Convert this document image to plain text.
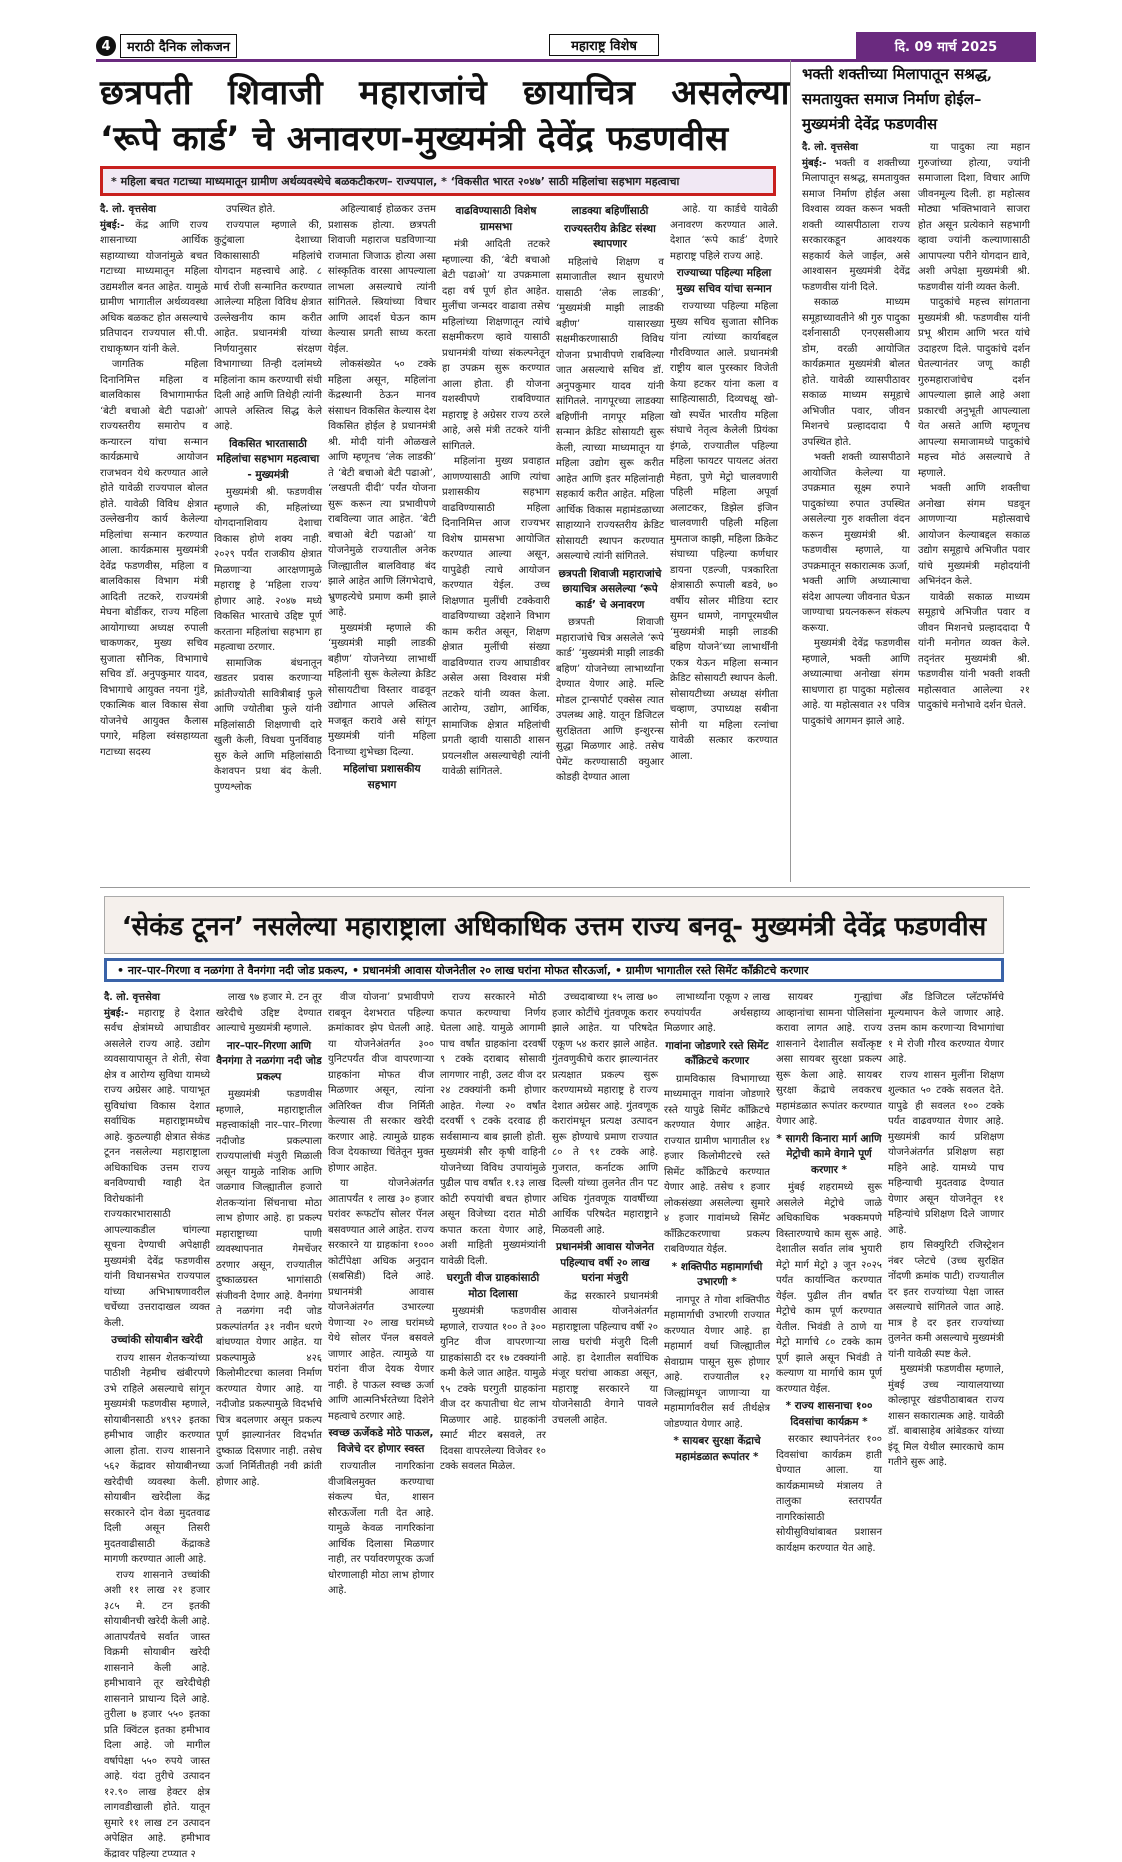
4	मराठी दैनिक लोकजन	महाराष्ट्र विशेष	दि. 09 मार्च 2025
छत्रपती शिवाजी महाराजांचे छायाचित्र असलेल्या
‘रूपे कार्ड’ चे अनावरण-मुख्यमंत्री देवेंद्र फडणवीस
भक्ती शक्तीच्या मिलापातून सश्रद्ध, समतायुक्त समाज निर्माण होईल– मुख्यमंत्री देवेंद्र फडणवीस
* महिला बचत गटाच्या माध्यमातून ग्रामीण अर्थव्यवस्थेचे बळकटीकरण– राज्यपाल, * ‘विकसीत भारत २०४७’ साठी महिलांचा सहभाग महत्वाचा

दै. लो. वृत्तसेवा

मुंबई:- केंद्र आणि राज्य शासनाच्या आर्थिक सहाय्याच्या योजनांमुळे बचत गटाच्या माध्यमातून महिला उद्यमशील बनत आहेत. यामुळे ग्रामीण भागातील अर्थव्यवस्था अधिक बळकट होत असल्याचे प्रतिपादन राज्यपाल सी.पी. राधाकृष्णन यांनी केले.

जागतिक महिला दिनानिमित्त महिला व बालविकास विभागामार्फत ‘बेटी बचाओ बेटी पढाओ’ राज्यस्तरीय समारोप व कन्यारत्न यांचा सन्मान कार्यक्रमाचे आयोजन राजभवन येथे करण्यात आले होते यावेळी राज्यपाल बोलत होते. यावेळी विविध क्षेत्रात उल्लेखनीय कार्य केलेल्या महिलांचा सन्मान करण्यात आला. कार्यक्रमास मुख्यमंत्री देवेंद्र फडणवीस, महिला व बालविकास विभाग मंत्री आदिती तटकरे, राज्यमंत्री मेघना बोर्डीकर, राज्य महिला आयोगाच्या अध्यक्ष रुपाली चाकणकर, मुख्य सचिव सुजाता सौनिक, विभागाचे सचिव डॉ. अनुपकुमार यादव, विभागाचे आयुक्त नयना गुंडे, एकात्मिक बाल विकास सेवा योजनेचे आयुक्त कैलास पगारे, महिला स्वंसहाय्यता गटाच्या सदस्य

उपस्थित होते.

राज्यपाल म्हणाले की, कुटुंबाला देशाच्या विकासासाठी महिलांचे योगदान महत्त्वाचे आहे. ८ मार्च रोजी सन्मानित करण्यात आलेल्या महिला विविध क्षेत्रात उल्लेखनीय काम करीत आहेत. प्रधानमंत्री यांच्या निर्णयानुसार संरक्षण विभागाच्या तिन्ही दलांमध्ये महिलांना काम करण्याची संधी दिली आहे आणि तिथेही त्यांनी आपले अस्तित्व सिद्ध केले आहे.

विकसित भारतासाठी महिलांचा सहभाग महत्वाचा - मुख्यमंत्री

मुख्यमंत्री श्री. फडणवीस म्हणाले की, महिलांच्या योगदानाशिवाय देशाचा विकास होणे शक्य नाही. २०२९ पर्यंत राजकीय क्षेत्रात मिळणाऱ्या आरक्षणामुळे महाराष्ट्र हे ‘महिला राज्य’ होणार आहे. २०४७ मध्ये विकसित भारताचे उद्दिष्ट पूर्ण करताना महिलांचा सहभाग हा महत्वाचा ठरणार.

सामाजिक बंधनातून खडतर प्रवास करणाऱ्या क्रांतीज्योती सावित्रीबाई फुले आणि ज्योतीबा फुले यांनी महिलांसाठी शिक्षणाची दारे खुली केली, विधवा पुनर्विवाह सुरु केले आणि महिलांसाठी केशवपन प्रथा बंद केली. पुण्यश्लोक

अहिल्याबाई होळकर उत्तम प्रशासक होत्या. छत्रपती शिवाजी महाराज घडविणाऱ्या राजमाता जिजाऊ होत्या असा सांस्कृतिक वारसा आपल्याला लाभला असल्याचे त्यांनी सांगितले. स्त्रियांच्या विचार आणि आदर्श घेऊन काम केल्यास प्रगती साध्य करता येईल.

लोकसंख्येत ५० टक्के महिला असून, महिलांना केंद्रस्थानी ठेऊन मानव संसाधन विकसित केल्यास देश विकसित होईल हे प्रधानमंत्री श्री. मोदी यांनी ओळखले आणि म्हणूनच ‘लेक लाडकी’ ते ‘बेटी बचाओ बेटी पढाओ’, ‘लखपती दीदी’ पर्यंत योजना सुरू करून त्या प्रभावीपणे राबविल्या जात आहेत. ‘बेटी बचाओ बेटी पढाओ’ या योजनेमुळे राज्यातील अनेक जिल्ह्यातील बालविवाह बंद झाले आहेत आणि लिंगभेदाचे, भ्रुणहत्येचे प्रमाण कमी झाले आहे.

मुख्यमंत्री म्हणाले की ‘मुख्यमंत्री माझी लाडकी बहीण’ योजनेच्या लाभार्थी महिलांनी सुरू केलेल्या क्रेडिट सोसायटीचा विस्तार वाढवून उद्योगात आपले अस्तित्व मजबूत करावे असे सांगून मुख्यमंत्री यांनी महिला दिनाच्या शुभेच्छा दिल्या.

महिलांचा प्रशासकीय सहभाग
वाढविण्यासाठी विशेष ग्रामसभा

मंत्री आदिती तटकरे म्हणाल्या की, ‘बेटी बचाओ बेटी पढाओ’ या उपक्रमाला दहा वर्ष पूर्ण होत आहेत. मुलींचा जन्मदर वाढावा तसेच महिलांच्या शिक्षणातून त्यांचे सक्षमीकरण व्हावे यासाठी प्रधानमंत्री यांच्या संकल्पनेतून हा उपक्रम सुरू करण्यात आला होता. ही योजना यशस्वीपणे राबविण्यात महाराष्ट्र हे अग्रेसर राज्य ठरले आहे, असे मंत्री तटकरे यांनी सांगितले.

महिलांना मुख्य प्रवाहात आणण्यासाठी आणि त्यांचा प्रशासकीय सहभाग वाढविण्यासाठी महिला दिनानिमित्त आज राज्यभर विशेष ग्रामसभा आयोजित करण्यात आल्या असून, यापुढेही त्याचे आयोजन करण्यात येईल. उच्च शिक्षणात मुलींची टक्केवारी वाढविण्याच्या उद्देशाने विभाग काम करीत असून, शिक्षण क्षेत्रात मुलींची संख्या वाढविण्यात राज्य आघाडीवर असेल असा विश्वास मंत्री तटकरे यांनी व्यक्त केला. आरोग्य, उद्योग, आर्थिक, सामाजिक क्षेत्रात महिलांची प्रगती व्हावी यासाठी शासन प्रयत्नशील असल्याचेही त्यांनी यावेळी सांगितले.

लाडक्या बहिणींसाठी
राज्यस्तरीय क्रेडिट संस्था स्थापणार

महिलांचे शिक्षण व समाजातील स्थान सुधारणे यासाठी ‘लेक लाडकी’, ‘मुख्यमंत्री माझी लाडकी बहीण’ यासारख्या सक्षमीकरणासाठी विविध योजना प्रभावीपणे राबविल्या जात असल्याचे सचिव डॉ. अनुपकुमार यादव यांनी सांगितले. नागपूरच्या लाडक्या बहिणींनी नागपूर महिला सन्मान क्रेडिट सोसायटी सुरू केली, त्याच्या माध्यमातून या महिला उद्योग सुरू करीत आहेत आणि इतर महिलांनाही सहकार्य करीत आहेत. महिला आर्थिक विकास महामंडळाच्या साहाय्याने राज्यस्तरीय क्रेडिट सोसायटी स्थापन करण्यात असल्याचे त्यांनी सांगितले.

छत्रपती शिवाजी महाराजांचे छायाचित्र असलेल्या ‘रूपे कार्ड’ चे अनावरण

छत्रपती शिवाजी महाराजांचे चित्र असलेले ‘रूपे कार्ड’ ‘मुख्यमंत्री माझी लाडकी बहिण’ योजनेच्या लाभार्थ्यांना देण्यात येणार आहे. मल्टि मोडल ट्रान्सपोर्ट एक्सेस त्यात उपलब्ध आहे. यातून डिजिटल सुरक्षितता आणि इन्शुरन्स सुद्धा मिळणार आहे. तसेच पेमेंट करण्यासाठी क्युआर कोडही देण्यात आला

आहे. या कार्डचे यावेळी अनावरण करण्यात आले. देशात ‘रूपे कार्ड’ देणारे महाराष्ट्र पहिले राज्य आहे.

राज्याच्या पहिल्या महिला मुख्य सचिव यांचा सन्मान

राज्याच्या पहिल्या महिला मुख्य सचिव सुजाता सौनिक यांना त्यांच्या कार्याबद्दल गौरविण्यात आले. प्रधानमंत्री राष्ट्रीय बाल पुरस्कार विजेती केया हटकर यांना कला व साहित्यासाठी, दिव्यचक्षू खो-खो स्पर्धेत भारतीय महिला संघाचे नेतृत्व केलेली प्रियंका इंगळे, राज्यातील पहिल्या महिला फायटर पायलट अंतरा मेहता, पुणे मेट्रो चालवणारी पहिली महिला अपूर्वा अलाटकर, डिझेल इंजिन चालवणारी पहिली महिला मुमताज काझी, महिला क्रिकेट संघाच्या पहिल्या कर्णधार डायना एडल्जी, पत्रकारिता क्षेत्रासाठी रूपाली बडवे, ७० वर्षीय सोलर मीडिया स्टार सुमन धामणे, नागपूरमधील ‘मुख्यमंत्री माझी लाडकी बहिण योजने’च्या लाभार्थींनी एकत्र येऊन महिला सन्मान क्रेडिट सोसायटी स्थापन केली. सोसायटीच्या अध्यक्ष संगीता चव्हाण, उपाध्यक्ष सबीना सोनी या महिला रत्नांचा यावेळी सत्कार करण्यात आला.

दै. लो. वृत्तसेवा

मुंबई:- भक्ती व शक्तीच्या मिलापातून सश्रद्ध, समतायुक्त समाज निर्माण होईल असा विश्वास व्यक्त करून भक्ती शक्ती व्यासपीठाला राज्य सरकारकडून आवश्यक सहकार्य केले जाईल, असे आश्वासन मुख्यमंत्री देवेंद्र फडणवीस यांनी दिले.

सकाळ माध्यम समूहाच्यावतीने श्री गुरु पादुका दर्शनासाठी एनएससीआय डोम, वरळी आयोजित कार्यक्रमात मुख्यमंत्री बोलत होते. यावेळी व्यासपीठावर सकाळ माध्यम समूहाचे अभिजीत पवार, जीवन मिशनचे प्रल्हाददादा पै उपस्थित होते.

भक्ती शक्ती व्यासपीठाने आयोजित केलेल्या या उपक्रमात सूक्ष्म रुपाने पादुकांच्या रुपात उपस्थित असलेल्या गुरु शक्तीला वंदन करून मुख्यमंत्री श्री. फडणवीस म्हणाले, या उपक्रमातून सकारात्मक ऊर्जा, भक्ती आणि अध्यात्माचा संदेश आपल्या जीवनात घेऊन जाण्याचा प्रयत्नकरून संकल्प करूया.

मुख्यमंत्री देवेंद्र फडणवीस म्हणाले, भक्ती आणि अध्यात्माचा अनोखा संगम साधणारा हा पादुका महोत्सव आहे. या महोत्सवात २१ पवित्र पादुकांचे आगमन झाले आहे.

या पादुका त्या महान गुरुजांच्या होत्या, ज्यांनी समाजाला दिशा, विचार आणि जीवनमूल्य दिली. हा महोत्सव मोठ्या भक्तिभावाने साजरा होत असून प्रत्येकाने सहभागी व्हावा ज्यांनी कल्याणासाठी आपापल्या परीने योगदान द्यावे, अशी अपेक्षा मुख्यमंत्री श्री. फडणवीस यांनी व्यक्त केली.

पादुकांचे महत्त्व सांगताना मुख्यमंत्री श्री. फडणवीस यांनी प्रभू श्रीराम आणि भरत यांचे उदाहरण दिले. पादुकांचे दर्शन घेतल्यानंतर जणू काही गुरुमहाराजांचेच दर्शन आपल्याला झाले आहे अशा प्रकारची अनुभूती आपल्याला येत असते आणि म्हणूनच आपल्या समाजामध्ये पादुकांचे महत्त्व मोठं असल्याचे ते म्हणाले.

भक्ती आणि शक्तीचा अनोखा संगम घडवून आणणाऱ्या महोत्सवाचे आयोजन केल्याबद्दल सकाळ उद्योग समूहाचे अभिजीत पवार यांचे मुख्यमंत्री महोदयांनी अभिनंदन केले.

यावेळी सकाळ माध्यम समूहाचे अभिजीत पवार व जीवन मिशनचे प्रल्हाददादा पै यांनी मनोगत व्यक्त केले. तद्नंतर मुख्यमंत्री श्री. फडणवीस यांनी भक्ती शक्ती महोत्सवात आलेल्या २१ पादुकांचे मनोभावे दर्शन घेतले.

‘सेकंड टूनन’ नसलेल्या महाराष्ट्राला अधिकाधिक उत्तम राज्य बनवू- मुख्यमंत्री देवेंद्र फडणवीस
• नार–पार–गिरणा व नळगंगा ते वैनगंगा नदी जोड प्रकल्प, • प्रधानमंत्री आवास योजनेतील २० लाख घरांना मोफत सौरऊर्जा, • ग्रामीण भागातील रस्ते सिमेंट काँक्रीटचे करणार

दै. लो. वृत्तसेवा

मुंबई:- महाराष्ट्र हे देशात सर्वच क्षेत्रांमध्ये आघाडीवर असलेले राज्य आहे. उद्योग व्यवसायापासून ते शेती, सेवा क्षेत्र व आरोग्य सुविधा यामध्ये राज्य अग्रेसर आहे. पायाभूत सुविधांचा विकास देशात सर्वाधिक महाराष्ट्रामध्येच आहे. कुठल्याही क्षेत्रात सेकंड टूनन नसलेल्या महाराष्ट्राला अधिकाधिक उत्तम राज्य बनविण्याची ग्वाही देत विरोधकांनी राज्यकारभारासाठी आपल्याकडील चांगल्या सूचना देण्याची अपेक्षाही मुख्यमंत्री देवेंद्र फडणवीस यांनी विधानसभेत राज्यपाल यांच्या अभिभाषणावरील चर्चेच्या उत्तरादाखल व्यक्त केली.

उच्चांकी सोयाबीन खरेदी

राज्य शासन शेतकऱ्यांच्या पाठीशी नेहमीच खंबीरपणे उभे राहिले असल्याचे सांगून मुख्यमंत्री फडणवीस म्हणाले, सोयाबीनसाठी ४९९२ इतका हमीभाव जाहीर करण्यात आला होता. राज्य शासनाने ५६२ केंद्रावर सोयाबीनच्या खरेदीची व्यवस्था केली. सोयाबीन खरेदीला केंद्र सरकारने दोन वेळा मुदतवाढ दिली असून तिसरी मुदतवाढीसाठी केंद्राकडे मागणी करण्यात आली आहे.

राज्य शासनाने उच्चांकी अशी ११ लाख २१ हजार ३८५ मे. टन इतकी सोयाबीनची खरेदी केली आहे. आतापर्यंतचे सर्वात जास्त विक्रमी सोयाबीन खरेदी शासनाने केली आहे. हमीभावाने तूर खरेदीचेही शासनाने प्राधान्य दिले आहे. तुरीला ७ हजार ५५० इतका प्रति क्विंटल इतका हमीभाव दिला आहे. जो मागील वर्षापेक्षा ५५० रुपये जास्त आहे. यंदा तुरीचे उत्पादन १२.९० लाख हेक्टर क्षेत्र लागवडीखाली होते. यातून सुमारे ११ लाख टन उत्पादन अपेक्षित आहे. हमीभाव केंद्रावर पहिल्या टप्प्यात २

लाख ९७ हजार मे. टन तूर खरेदीचे उद्दिष्ट देण्यात आल्याचे मुख्यमंत्री म्हणाले.

नार–पार–गिरणा आणि वैनगंगा ते नळगंगा नदी जोड प्रकल्प

मुख्यमंत्री फडणवीस म्हणाले, महाराष्ट्रातील महत्त्वाकांक्षी नार–पार–गिरणा नदीजोड प्रकल्पाला राज्यपालांची मंजुरी मिळाली असून यामुळे नाशिक आणि जळगाव जिल्ह्यातील हजारो शेतकऱ्यांना सिंचनाचा मोठा लाभ होणार आहे. हा प्रकल्प महाराष्ट्राच्या पाणी व्यवस्थापनात गेमचेंजर ठरणार असून, राज्यातील दुष्काळग्रस्त भागांसाठी संजीवनी देणार आहे. वैनगंगा ते नळगंगा नदी जोड प्रकल्पांतर्गत ३१ नवीन धरणे बांधण्यात येणार आहेत. या प्रकल्पामुळे ४२६ किलोमीटरचा कालवा निर्माण करण्यात येणार आहे. या नदीजोड प्रकल्पामुळे विदर्भाचे चित्र बदलणार असून प्रकल्प पूर्ण झाल्यानंतर विदर्भात दुष्काळ दिसणार नाही. तसेच ऊर्जा निर्मितीतही नवी क्रांती होणार आहे.

वीज योजना’ प्रभावीपणे राबवून देशभरात पहिल्या क्रमांकावर झेप घेतली आहे. या योजनेअंतर्गत ३०० युनिटपर्यंत वीज वापरणाऱ्या ग्राहकांना मोफत वीज मिळणार असून, त्यांना अतिरिक्त वीज निर्मिती केल्यास ती सरकार खरेदी करणार आहे. त्यामुळे ग्राहक विज देयकाच्या चिंतेतून मुक्त होणार आहेत.

या योजनेअंतर्गत आतापर्यंत १ लाख ३० हजार घरांवर रूफटॉप सोलर पॅनल बसवण्यात आले आहेत. राज्य सरकारने या ग्राहकांना १००० कोटींपेक्षा अधिक अनुदान (सबसिडी) दिले आहे. प्रधानमंत्री आवास योजनेअंतर्गत उभारल्या येणाऱ्या २० लाख घरांमध्ये येथे सोलर पॅनल बसवले जाणार आहेत. त्यामुळे या घरांना वीज देयक येणार नाही. हे पाऊल स्वच्छ ऊर्जा आणि आत्मनिर्भरतेच्या दिशेने महत्वाचे ठरणार आहे.

स्वच्छ ऊर्जेकडे मोठे पाऊल, विजेचे दर होणार स्वस्त

राज्यातील नागरिकांना वीजबिलमुक्त करण्याचा संकल्प घेत, शासन सौरऊर्जेला गती देत आहे. यामुळे केवळ नागरिकांना आर्थिक दिलासा मिळणार नाही, तर पर्यावरणपूरक ऊर्जा धोरणालाही मोठा लाभ होणार आहे.

राज्य सरकारने मोठी कपात करण्याचा निर्णय घेतला आहे. यामुळे आगामी पाच वर्षांत ग्राहकांना दरवर्षी ९ टक्के दराबाद सोसावी लागणार नाही, उलट वीज दर २४ टक्क्यांनी कमी होणार आहेत. गेल्या २० वर्षांत दरवर्षी ९ टक्के दरवाढ ही सर्वसामान्य बाब झाली होती. मुख्यमंत्री सौर कृषी वाहिनी योजनेच्या विविध उपायांमुळे पुढील पाच वर्षांत १.१३ लाख कोटी रुपयांची बचत होणार असून विजेच्या दरात मोठी कपात करता येणार आहे, अशी माहिती मुख्यमंत्र्यांनी यावेळी दिली.

घरगुती वीज ग्राहकांसाठी मोठा दिलासा

मुख्यमंत्री फडणवीस म्हणाले, राज्यात १०० ते ३०० युनिट वीज वापरणाऱ्या ग्राहकांसाठी दर १७ टक्क्यांनी कमी केले जात आहेत. यामुळे ९५ टक्के घरगुती ग्राहकांना वीज दर कपातीचा थेट लाभ मिळणार आहे. ग्राहकांनी स्मार्ट मीटर बसवले, तर दिवसा वापरलेल्या विजेवर १० टक्के सवलत मिळेल.

उच्चदाबाच्या १५ लाख ७० हजार कोटींचे गुंतवणूक करार झाले आहेत. या परिषदेत एकूण ५४ करार झाले आहेत. गुंतवणुकीचे करार झाल्यानंतर प्रत्यक्षात प्रकल्प सुरू करण्यामध्ये महाराष्ट्र हे राज्य देशात अग्रेसर आहे. गुंतवणूक करारांमधून प्रत्यक्ष उत्पादन सुरू होण्याचे प्रमाण राज्यात ८० ते ९१ टक्के आहे. गुजरात, कर्नाटक आणि दिल्ली यांच्या तुलनेत तीन पट अधिक गुंतवणूक यावर्षीच्या आर्थिक परिषदेत महाराष्ट्राने मिळवली आहे.

प्रधानमंत्री आवास योजनेत पहिल्याच वर्षी २० लाख घरांना मंजुरी

केंद्र सरकारने प्रधानमंत्री आवास योजनेअंतर्गत महाराष्ट्राला पहिल्याच वर्षी २० लाख घरांची मंजुरी दिली आहे. हा देशातील सर्वाधिक मंजूर घरांचा आकडा असून, महाराष्ट्र सरकारने या योजनेसाठी वेगाने पावले उचलली आहेत.

लाभार्थ्यांना एकूण २ लाख रुपयांपर्यंत अर्थसहाय्य मिळणार आहे.

गावांना जोडणारे रस्ते सिमेंट काँक्रिटचे करणार

ग्रामविकास विभागाच्या माध्यमातून गावांना जोडणारे रस्ते यापुढे सिमेंट काँक्रिटचे करण्यात येणार आहेत. राज्यात ग्रामीण भागातील १४ हजार किलोमीटरचे रस्ते सिमेंट काँक्रिटचे करण्यात येणार आहे. तसेच १ हजार लोकसंख्या असलेल्या सुमारे ४ हजार गावांमध्ये सिमेंट काँक्रिटकरणाचा प्रकल्प राबविण्यात येईल.

* शक्तिपीठ महामार्गाची उभारणी *

नागपूर ते गोवा शक्तिपीठ महामार्गाची उभारणी राज्यात करण्यात येणार आहे. हा महामार्ग वर्धा जिल्ह्यातील सेवाग्राम पासून सुरू होणार आहे. राज्यातील १२ जिल्ह्यांमधून जाणाऱ्या या महामार्गावरील सर्व तीर्थक्षेत्र जोडण्यात येणार आहे.

* सायबर सुरक्षा केंद्राचे महामंडळात रूपांतर *

सायबर गुन्ह्यांचा आव्हानांचा सामना पोलिसांना करावा लागत आहे. राज्य शासनाने देशातील सर्वोत्कृष्ट असा सायबर सुरक्षा प्रकल्प सुरू केला आहे. सायबर सुरक्षा केंद्राचे लवकरच महामंडळात रूपांतर करण्यात येणार आहे.

* सागरी किनारा मार्ग आणि मेट्रोची कामे वेगाने पूर्ण करणार *

मुंबई शहरामध्ये सुरू असलेले मेट्रोचे जाळे अधिकाधिक भक्कमपणे विस्तारण्याचे काम सुरू आहे. देशातील सर्वात लांब भुयारी मेट्रो मार्ग मेट्रो ३ जून २०२५ पर्यंत कार्यान्वित करण्यात येईल. पुढील तीन वर्षांत मेट्रोचे काम पूर्ण करण्यात येतील. भिवंडी ते ठाणे या मेट्रो मार्गाचे ८० टक्के काम पूर्ण झाले असून भिवंडी ते कल्याण या मार्गाचे काम पूर्ण करण्यात येईल.

* राज्य शासनाचा १०० दिवसांचा कार्यक्रम *

सरकार स्थापनेनंतर १०० दिवसांचा कार्यक्रम हाती घेण्यात आला. या कार्यक्रमामध्ये मंत्रालय ते तालुका स्तरापर्यंत नागरिकांसाठी सोयीसुविधांबाबत प्रशासन कार्यक्षम करण्यात येत आहे.

अँड डिजिटल प्लॅटफॉर्मचे मूल्यमापन केले जाणार आहे. उत्तम काम करणाऱ्या विभागांचा १ मे रोजी गौरव करण्यात येणार आहे.

राज्य शासन मुलींना शिक्षण शुल्कात ५० टक्के सवलत देते. यापुढे ही सवलत १०० टक्के पर्यंत वाढवण्यात येणार आहे. मुख्यमंत्री कार्य प्रशिक्षण योजनेअंतर्गत प्रशिक्षण सहा महिने आहे. यामध्ये पाच महिन्याची मुदतवाढ देण्यात येणार असून योजनेतून ११ महिन्यांचे प्रशिक्षण दिले जाणार आहे.

हाय सिक्युरिटी रजिस्ट्रेशन नंबर प्लेटचे (उच्च सुरक्षित नोंदणी क्रमांक पाटी) राज्यातील दर इतर राज्यांच्या पेक्षा जास्त असल्याचे सांगितले जात आहे. मात्र हे दर इतर राज्यांच्या तुलनेत कमी असल्याचे मुख्यमंत्री यांनी यावेळी स्पष्ट केले.

मुख्यमंत्री फडणवीस म्हणाले, मुंबई उच्च न्यायालयाच्या कोल्हापूर खंडपीठाबाबत राज्य शासन सकारात्मक आहे. यावेळी डॉ. बाबासाहेब आंबेडकर यांच्या इंदू मिल येथील स्मारकाचे काम गतीने सुरू आहे.
